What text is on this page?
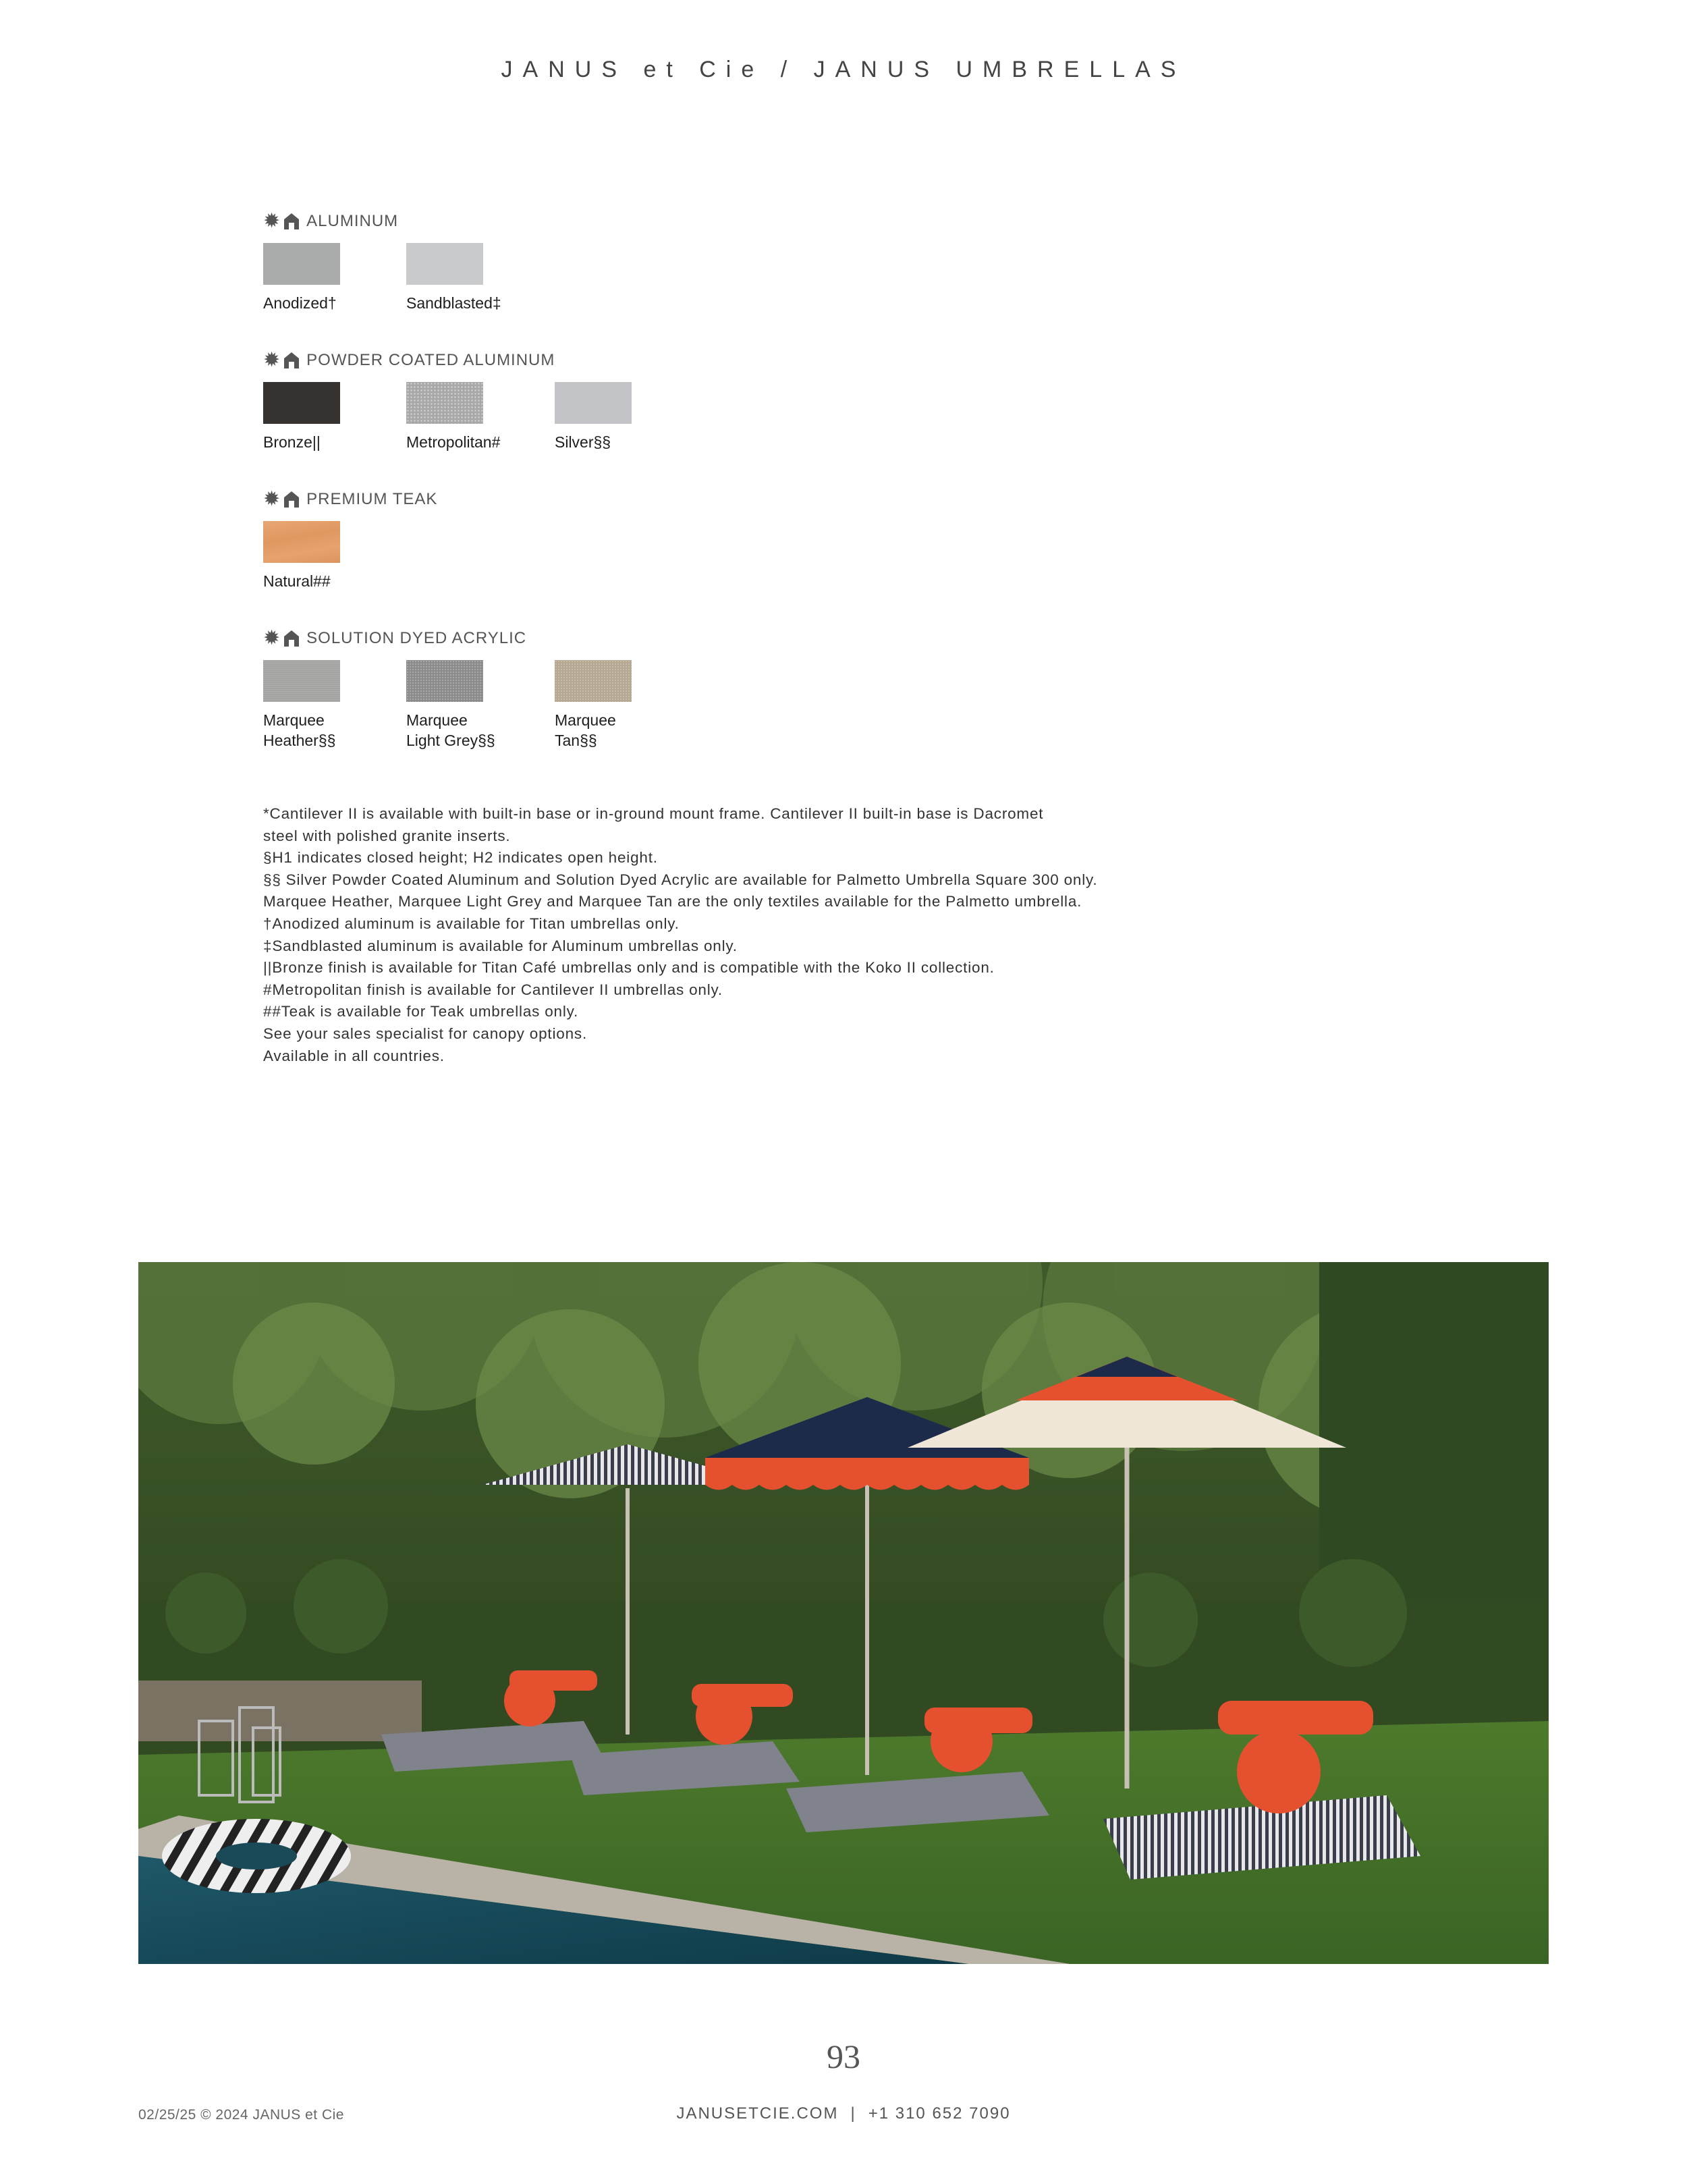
JANUS et Cie / JANUS UMBRELLAS
✹ ALUMINUM
Anodized†	Sandblasted‡
✹ POWDER COATED ALUMINUM
Bronze||	Metropolitan#	Silver§§
✹ PREMIUM TEAK
Natural##
✹ SOLUTION DYED ACRYLIC
Marquee
Heather§§
Marquee
Light Grey§§
Marquee
Tan§§
*Cantilever II is available with built-in base or in-ground mount frame. Cantilever II built-in base is Dacromet
steel with polished granite inserts.
§H1 indicates closed height; H2 indicates open height.
§§ Silver Powder Coated Aluminum and Solution Dyed Acrylic are available for Palmetto Umbrella Square 300 only.
Marquee Heather, Marquee Light Grey and Marquee Tan are the only textiles available for the Palmetto umbrella.
†Anodized aluminum is available for Titan umbrellas only.
‡Sandblasted aluminum is available for Aluminum umbrellas only.
||Bronze finish is available for Titan Café umbrellas only and is compatible with the Koko II collection.
#Metropolitan finish is available for Cantilever II umbrellas only.
##Teak is available for Teak umbrellas only.
See your sales specialist for canopy options.
Available in all countries.
93
02/25/25 © 2024 JANUS et Cie	JANUSETCIE.COM | +1 310 652 7090
